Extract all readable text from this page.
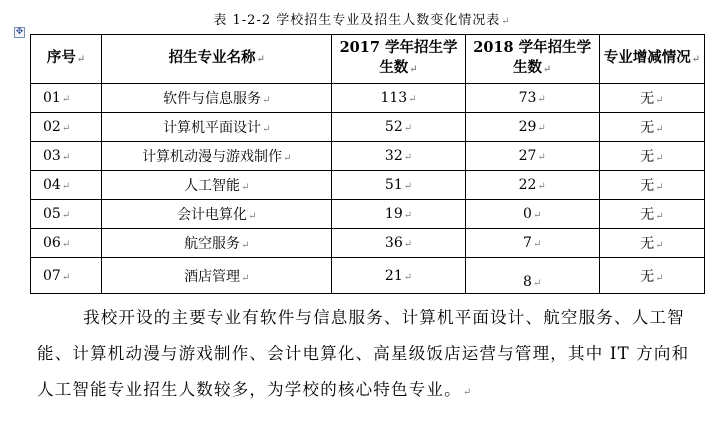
表 1-2-2 学校招生专业及招生人数变化情况表↵
✥
序号↵	招生专业名称↵	2017 学年招生学
生数↵	2018 学年招生学
生数↵	专业增减情况↵
01↵	软件与信息服务↵	113↵	73↵	无↵
02↵	计算机平面设计↵	52↵	29↵	无↵
03↵	计算机动漫与游戏制作↵	32↵	27↵	无↵
04↵	人工智能↵	51↵	22↵	无↵
05↵	会计电算化↵	19↵	0↵	无↵
06↵	航空服务↵	36↵	7↵	无↵
07↵	酒店管理↵	21↵	8↵	无↵

我校开设的主要专业有软件与信息服务、计算机平面设计、航空服务、人工智能、计算机动漫与游戏制作、会计电算化、高星级饭店运营与管理，其中 IT 方向和人工智能专业招生人数较多，为学校的核心特色专业。↵
